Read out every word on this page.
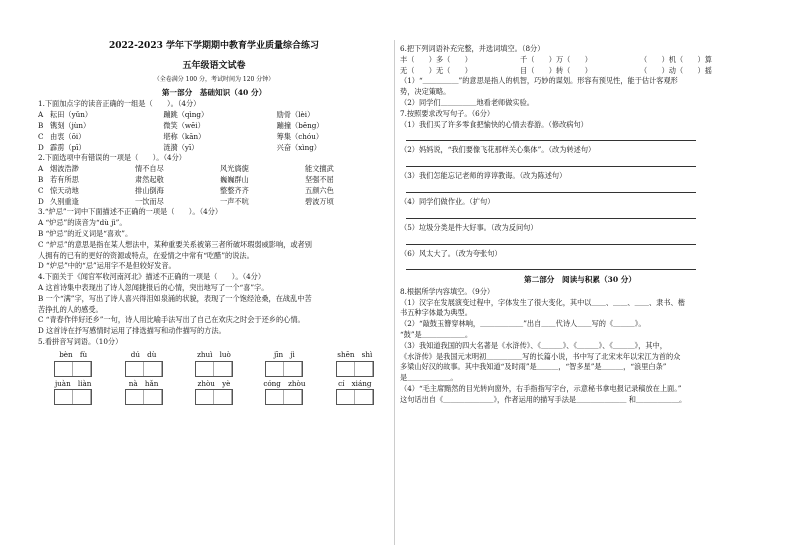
2022-2023 学年下学期期中教育学业质量综合练习
五年级语文试卷
（全卷满分 100 分，考试时间为 120 分钟）
第一部分　基础知识（40 分）
1.下面加点字的读音正确的一组是（　　）。（4分）
A 耘田（yǔn）	蹦跳（qìng）	励骨（lèi）
B 镌刻（jùn）	微笑（wēi）	蹦撞（bēng）
C 由衷（ōi）	堪称（kān）	筹集（chóu）
D 霹雳（pī）	涟漪（yī）	兴奋（xìng）
2.下面选项中有错误的一项是（　　）。（4分）
A 烟波浩渺	情不自尽	风光旖旎	能文擅武
B 若有所思	肃然起敬	巍巍群山	坚强不屈
C 惊天动地	排山倒海	整整齐齐	五颜六色
D 久别重逢	一饮而尽	一声不吭	碧波万顷
3.“炉忌”一词中下面描述不正确的一项是（　　）。（4分）
A “炉忌”的读音为“dù jì”。
B “炉忌”的近义词是“喜欢”。
C “炉忌”的意思是指在某人想法中，某种重要关系被第三者所破坏瑕弱威影响，或者别
人拥有的已有的更好的资源或特点，在爱情之中常有“吃醋”的说法。
D “炉忌”中的“忌”运用字不是但较好发音。
4.下面关于《闻官军收河南河北》描述不正确的一项是（　　）。（4分）
A 这首诗集中表现出了诗人忽闻捷报后的心情，突出地写了一个“喜”字。
B 一个“满”字，写出了诗人喜兴得泪如泉涌的状貌，表现了一个饱经沧桑，在战乱中苦
苦挣扎的人的感受。
C “青春作伴好还乡”一句，诗人用比喻手法写出了自己在欢庆之时会于还乡的心情。
D 这首诗在抒写感情时运用了排选描写和动作描写的方法。
5.看拼音写词语。（10分）
bèn　fù	dú　dù	zhuì　luò	jīn　jì	shēn　shì
juàn　liàn	nà　hǎn	zhòu　yè	cóng　zhòu	cí　xiáng
6.把下列词语补充完整，并选词填空。（8分）
丰（　　）多（　　）	千（　　）万（　　）	（　　）机（　　）算
无（　　）无（　　）	目（　　）转（　　）	（　　）动（　　）摇
（1）“＿＿＿＿＿”的意思是指人的机智，巧妙的谋划。形容有预见性，能于估计客观形
势，决定策略。
（2）同学们＿＿＿＿＿地看老师做实验。
7.按照要求改写句子。（6分）
（1）我们买了许多零食把愉快的心情去春游。（修改病句）
（2）妈妈说，“我们要像飞花那样关心集体”。（改为转述句）
（3）我们怎能忘记老师的谆谆教诲。（改为陈述句）
（4）同学们做作业。（扩句）
（5）垃圾分类是件大好事。（改为反问句）
（6）风太大了。（改为夸张句）
第二部分　阅读与积累（30 分）
8.根据所学内容填空。（9分）
（1）汉字在发展演变过程中，字体发生了很大变化，其中以＿＿、＿＿、＿＿、隶书、楷
书五种字体最为典型。
（2）“敲鼓玉簪穿林响，＿＿＿＿＿＿”出自＿＿代诗人＿＿写的《＿＿＿》。
“鼓”是＿＿＿＿＿＿。
（3）我知道我国的四大名著是《水浒传》、《＿＿＿》、《＿＿＿》、《＿＿＿》，其中，
《水浒传》是我国元末明初＿＿＿＿＿写的长篇小说，书中写了北宋末年以宋江为首的众
多梁山好汉的故事。其中我知道“及时雨”是＿＿＿，“智多星”是＿＿＿，“浪里白条”
是＿＿＿＿＿＿。
（4）“毛主席黯然的目光转向窗外，右手指指写字台，示意秘书拿电报记录稿放在上面。”
这句话出自《＿＿＿＿＿＿＿》，作者运用的描写手法是＿＿＿＿＿＿＿ 和＿＿＿＿＿＿。
